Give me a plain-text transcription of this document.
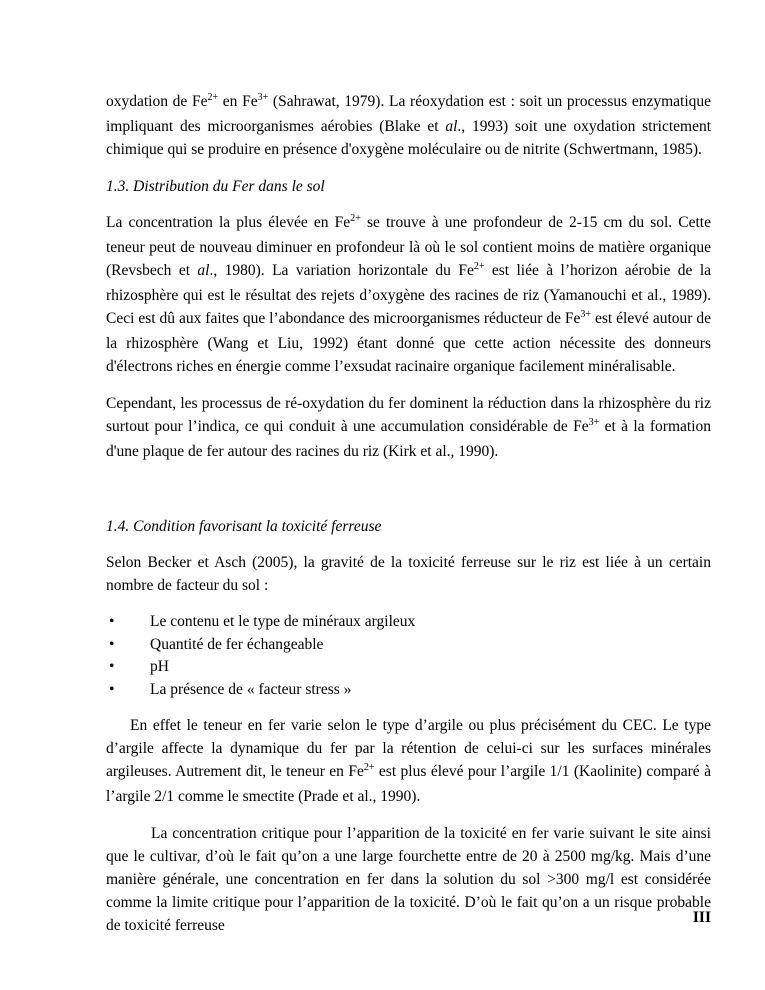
oxydation de $Fe^{2+}$ en $Fe^{3+}$ (Sahrawat, 1979). La réoxydation est : soit un processus enzymatique impliquant des microorganismes aérobies (Blake et al., 1993) soit une oxydation strictement chimique qui se produire en présence d'oxygène moléculaire ou de nitrite (Schwertmann, 1985).

1.3. Distribution du Fer dans le sol

La concentration la plus élevée en $Fe^{2+}$ se trouve à une profondeur de 2-15 cm du sol. Cette teneur peut de nouveau diminuer en profondeur là où le sol contient moins de matière organique (Revsbech et al., 1980). La variation horizontale du $Fe^{2+}$ est liée à l’horizon aérobie de la rhizosphère qui est le résultat des rejets d’oxygène des racines de riz (Yamanouchi et al., 1989). Ceci est dû aux faites que l’abondance des microorganismes réducteur de $Fe^{3+}$ est élevé autour de la rhizosphère (Wang et Liu, 1992) étant donné que cette action nécessite des donneurs d'électrons riches en énergie comme l’exsudat racinaire organique facilement minéralisable.

Cependant, les processus de ré-oxydation du fer dominent la réduction dans la rhizosphère du riz surtout pour l’indica, ce qui conduit à une accumulation considérable de $Fe^{3+}$ et à la formation d'une plaque de fer autour des racines du riz (Kirk et al., 1990).

1.4. Condition favorisant la toxicité ferreuse

Selon Becker et Asch (2005), la gravité de la toxicité ferreuse sur le riz est liée à un certain nombre de facteur du sol :

•	Le contenu et le type de minéraux argileux
•	Quantité de fer échangeable
•	pH
•	La présence de « facteur stress »

En effet le teneur en fer varie selon le type d’argile ou plus précisément du CEC. Le type d’argile affecte la dynamique du fer par la rétention de celui-ci sur les surfaces minérales argileuses. Autrement dit, le teneur en $Fe^{2+}$ est plus élevé pour l’argile 1/1 (Kaolinite) comparé à l’argile 2/1 comme le smectite (Prade et al., 1990).

La concentration critique pour l’apparition de la toxicité en fer varie suivant le site ainsi que le cultivar, d’où le fait qu’on a une large fourchette entre de 20 à 2500 mg/kg. Mais d’une manière générale, une concentration en fer dans la solution du sol >300 mg/l est considérée comme la limite critique pour l’apparition de la toxicité. D’où le fait qu’on a un risque probable de toxicité ferreuse	III
